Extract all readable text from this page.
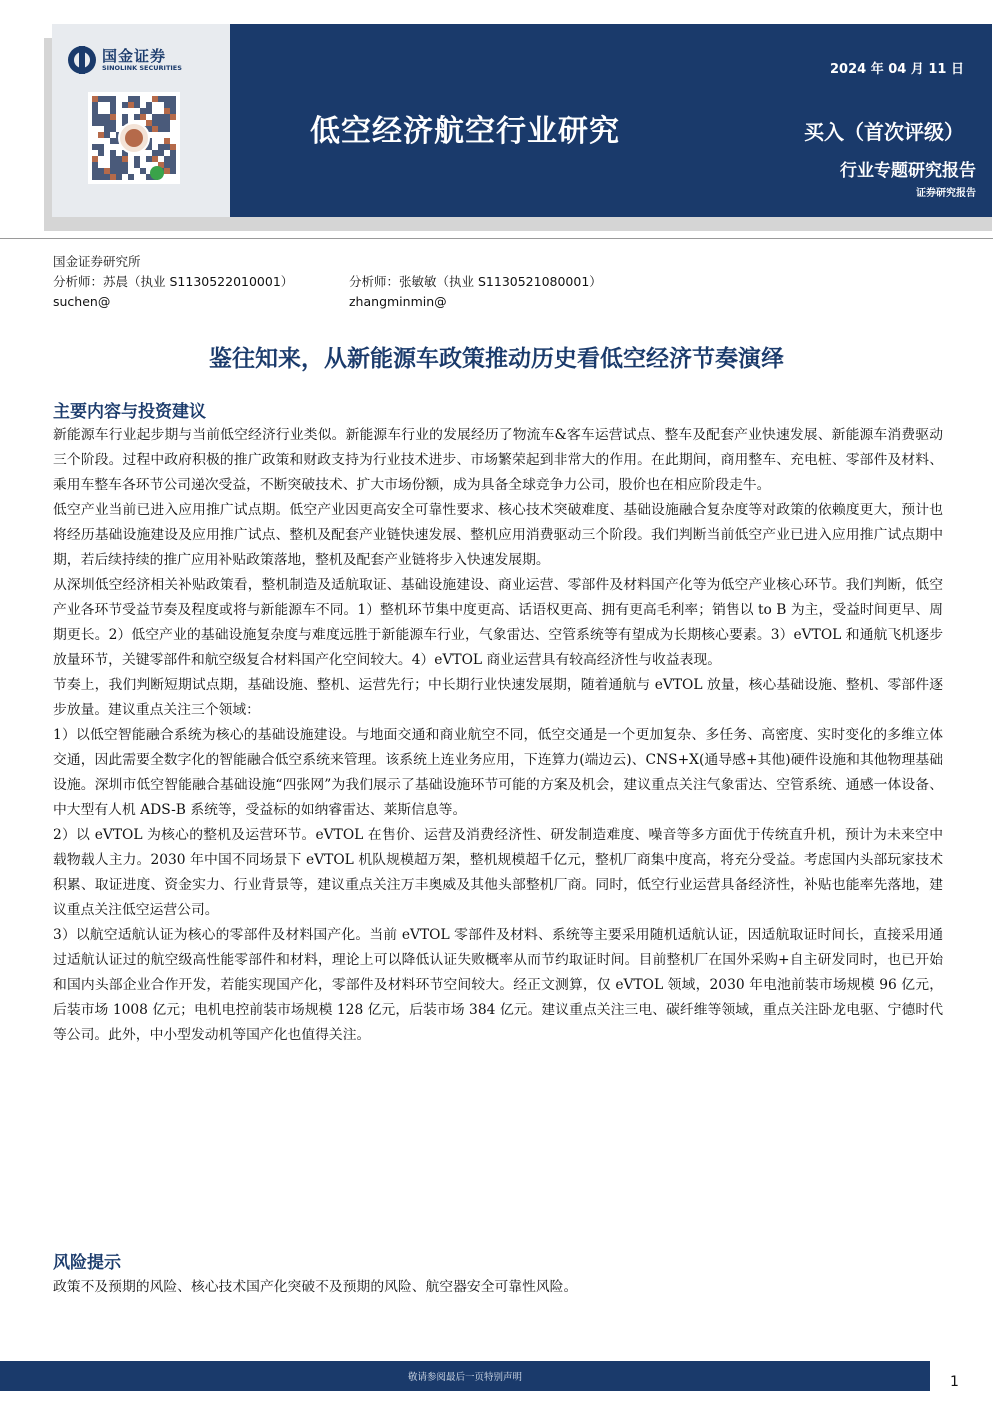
国金证券
SINOLINK SECURITIES
低空经济航空行业研究
2024 年 04 月 11 日
买入（首次评级）
行业专题研究报告
证券研究报告
国金证券研究所
分析师：苏晨（执业 S1130522010001）	分析师：张敏敏（执业 S1130521080001）
suchen@	zhangminmin@
鉴往知来，从新能源车政策推动历史看低空经济节奏演绎
主要内容与投资建议

新能源车行业起步期与当前低空经济行业类似。新能源车行业的发展经历了物流车&客车运营试点、整车及配套产业快速发展、新能源车消费驱动三个阶段。过程中政府积极的推广政策和财政支持为行业技术进步、市场繁荣起到非常大的作用。在此期间，商用整车、充电桩、零部件及材料、乘用车整车各环节公司递次受益，不断突破技术、扩大市场份额，成为具备全球竞争力公司，股价也在相应阶段走牛。

低空产业当前已进入应用推广试点期。低空产业因更高安全可靠性要求、核心技术突破难度、基础设施融合复杂度等对政策的依赖度更大，预计也将经历基础设施建设及应用推广试点、整机及配套产业链快速发展、整机应用消费驱动三个阶段。我们判断当前低空产业已进入应用推广试点期中期，若后续持续的推广应用补贴政策落地，整机及配套产业链将步入快速发展期。

从深圳低空经济相关补贴政策看，整机制造及适航取证、基础设施建设、商业运营、零部件及材料国产化等为低空产业核心环节。我们判断，低空产业各环节受益节奏及程度或将与新能源车不同。1）整机环节集中度更高、话语权更高、拥有更高毛利率；销售以 to B 为主，受益时间更早、周期更长。2）低空产业的基础设施复杂度与难度远胜于新能源车行业，气象雷达、空管系统等有望成为长期核心要素。3）eVTOL 和通航飞机逐步放量环节，关键零部件和航空级复合材料国产化空间较大。4）eVTOL 商业运营具有较高经济性与收益表现。

节奏上，我们判断短期试点期，基础设施、整机、运营先行；中长期行业快速发展期，随着通航与 eVTOL 放量，核心基础设施、整机、零部件逐步放量。建议重点关注三个领域：

1）以低空智能融合系统为核心的基础设施建设。与地面交通和商业航空不同，低空交通是一个更加复杂、多任务、高密度、实时变化的多维立体交通，因此需要全数字化的智能融合低空系统来管理。该系统上连业务应用，下连算力(端边云)、CNS+X(通导感+其他)硬件设施和其他物理基础设施。深圳市低空智能融合基础设施“四张网”为我们展示了基础设施环节可能的方案及机会，建议重点关注气象雷达、空管系统、通感一体设备、中大型有人机 ADS-B 系统等，受益标的如纳睿雷达、莱斯信息等。

2）以 eVTOL 为核心的整机及运营环节。eVTOL 在售价、运营及消费经济性、研发制造难度、噪音等多方面优于传统直升机，预计为未来空中载物载人主力。2030 年中国不同场景下 eVTOL 机队规模超万架，整机规模超千亿元，整机厂商集中度高，将充分受益。考虑国内头部玩家技术积累、取证进度、资金实力、行业背景等，建议重点关注万丰奥威及其他头部整机厂商。同时，低空行业运营具备经济性，补贴也能率先落地，建议重点关注低空运营公司。

3）以航空适航认证为核心的零部件及材料国产化。当前 eVTOL 零部件及材料、系统等主要采用随机适航认证，因适航取证时间长，直接采用通过适航认证过的航空级高性能零部件和材料，理论上可以降低认证失败概率从而节约取证时间。目前整机厂在国外采购+自主研发同时，也已开始和国内头部企业合作开发，若能实现国产化，零部件及材料环节空间较大。经正文测算，仅 eVTOL 领域，2030 年电池前装市场规模 96 亿元，后装市场 1008 亿元；电机电控前装市场规模 128 亿元，后装市场 384 亿元。建议重点关注三电、碳纤维等领域，重点关注卧龙电驱、宁德时代等公司。此外，中小型发动机等国产化也值得关注。

风险提示

政策不及预期的风险、核心技术国产化突破不及预期的风险、航空器安全可靠性风险。

敬请参阅最后一页特别声明	1
